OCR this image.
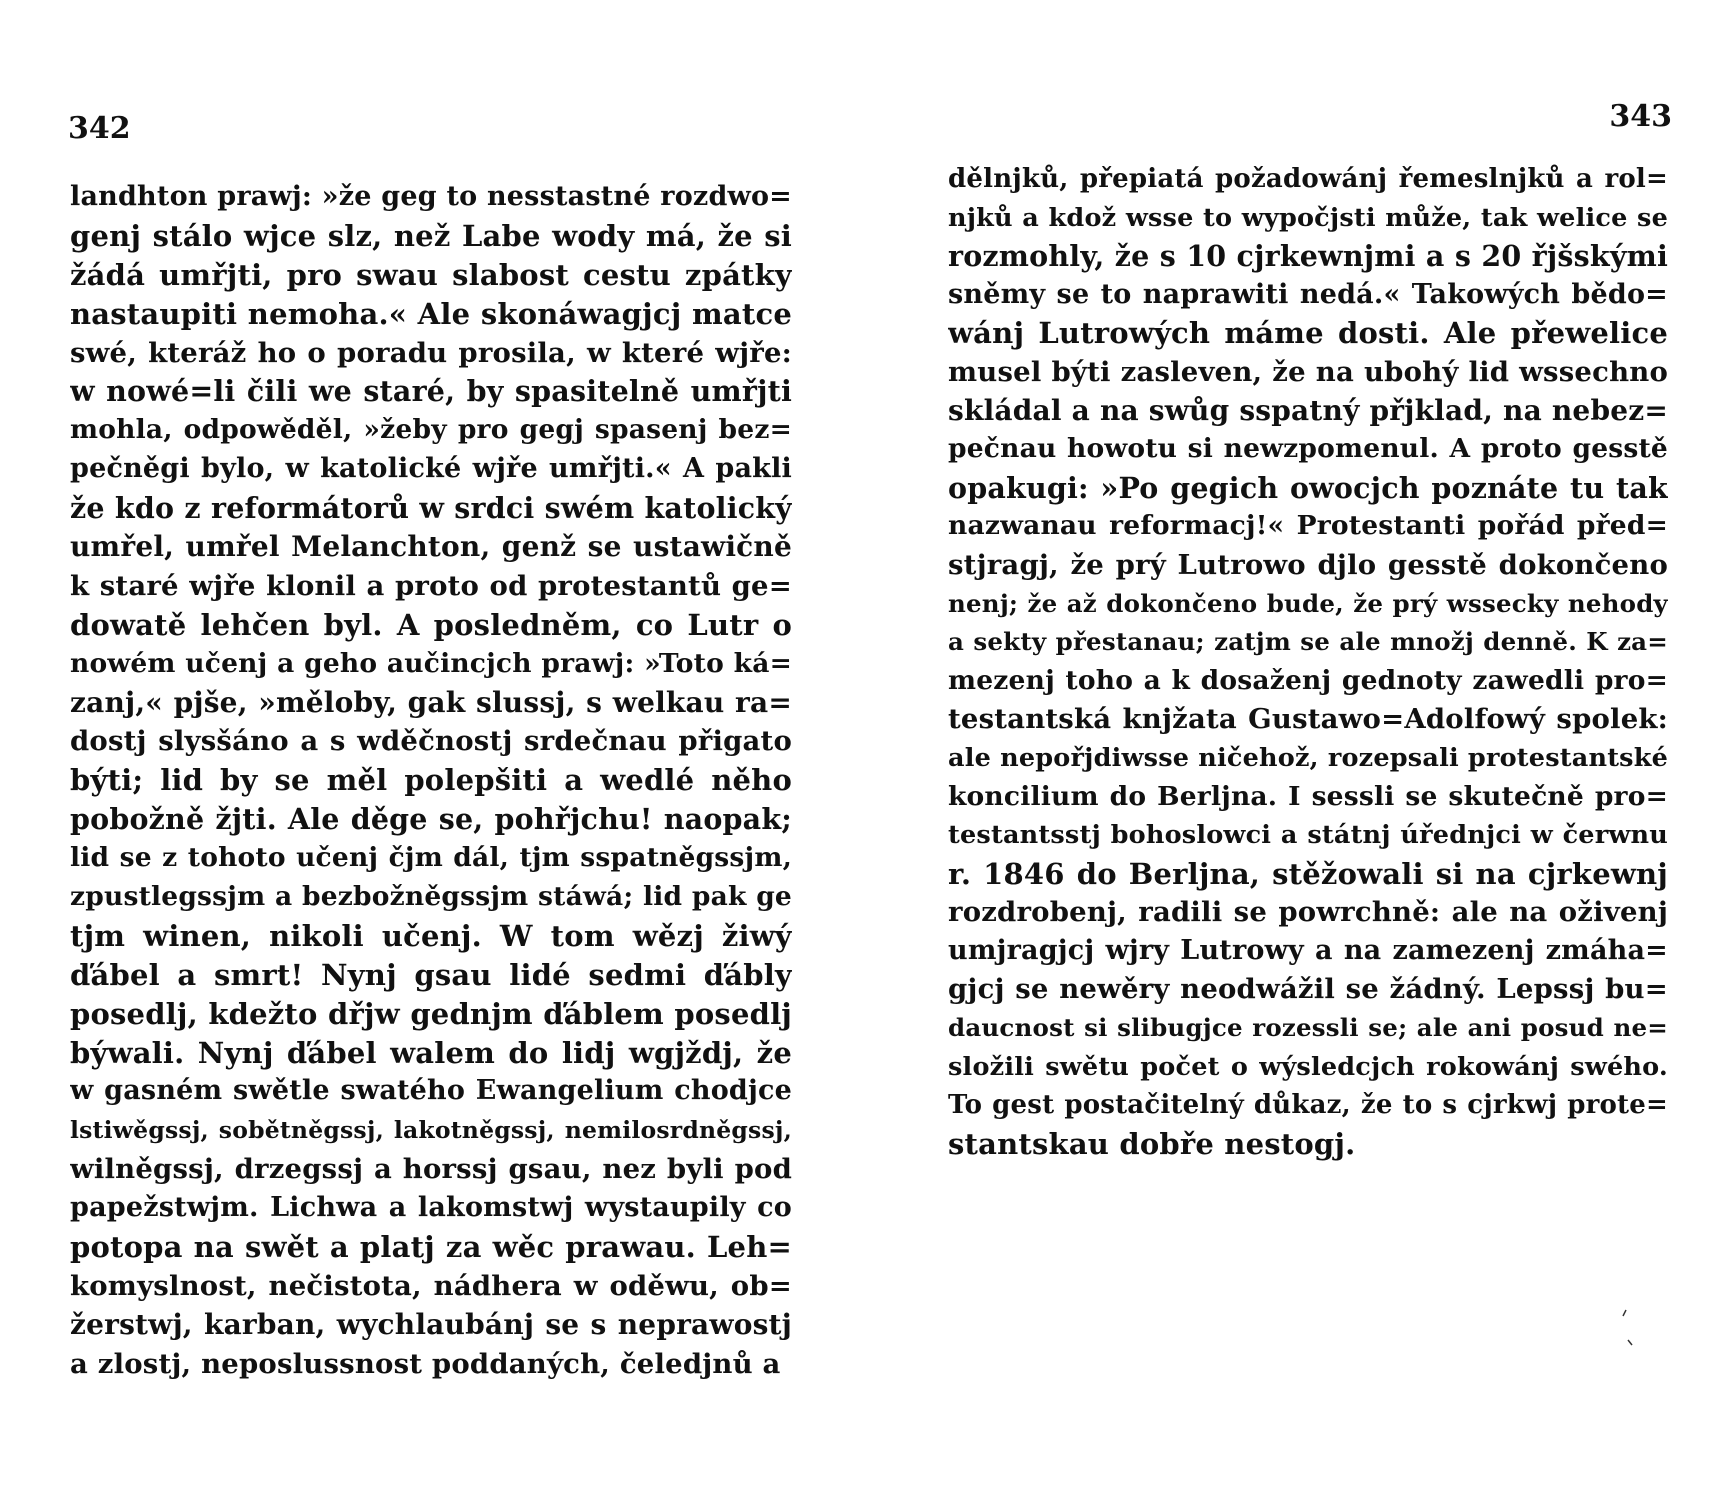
342
landhton prawj: »že geg to nesstastné rozdwo=
genj stálo wjce slz, než Labe wody má, že si
žádá umřjti, pro swau slabost cestu zpátky
nastaupiti nemoha.« Ale skonáwagjcj matce
swé, kteráž ho o poradu prosila, w které wjře:
w nowé=li čili we staré, by spasitelně umřjti
mohla, odpowěděl, »žeby pro gegj spasenj bez=
pečněgi bylo, w katolické wjře umřjti.« A pakli
že kdo z reformátorů w srdci swém katolický
umřel, umřel Melanchton, genž se ustawičně
k staré wjře klonil a proto od protestantů ge=
dowatě lehčen byl. A posledněm, co Lutr o
nowém učenj a geho aučincjch prawj: »Toto ká=
zanj,« pjše, »měloby, gak slussj, s welkau ra=
dostj slysšáno a s wděčnostj srdečnau přigato
býti; lid by se měl polepšiti a wedlé něho
pobožně žjti. Ale děge se, pohřjchu! naopak;
lid se z tohoto učenj čjm dál, tjm sspatněgssjm,
zpustlegssjm a bezbožněgssjm stáwá; lid pak ge
tjm winen, nikoli učenj. W tom wězj žiwý
ďábel a smrt! Nynj gsau lidé sedmi ďábly
posedlj, kdežto dřjw gednjm ďáblem posedlj
býwali. Nynj ďábel walem do lidj wgjždj, že
w gasném swětle swatého Ewangelium chodjce
lstiwěgssj, sobětněgssj, lakotněgssj, nemilosrdněgssj,
wilněgssj, drzegssj a horssj gsau, nez byli pod
papežstwjm. Lichwa a lakomstwj wystaupily co
potopa na swět a platj za wěc prawau. Leh=
komyslnost, nečistota, nádhera w oděwu, ob=
žerstwj, karban, wychlaubánj se s neprawostj
a zlostj, neposlussnost poddaných, čeledjnů a
343
dělnjků, přepiatá požadowánj řemeslnjků a rol=
njků a kdož wsse to wypočjsti může, tak welice se
rozmohly, že s 10 cjrkewnjmi a s 20 řjšskými
sněmy se to naprawiti nedá.« Takowých bědo=
wánj Lutrowých máme dosti. Ale přewelice
musel býti zasleven, že na ubohý lid wssechno
skládal a na swůg sspatný přjklad, na nebez=
pečnau howotu si newzpomenul. A proto gesstě
opakugi: »Po gegich owocjch poznáte tu tak
nazwanau reformacj!« Protestanti pořád před=
stjragj, že prý Lutrowo djlo gesstě dokončeno
nenj; že až dokončeno bude, že prý wssecky nehody
a sekty přestanau; zatjm se ale množj denně. K za=
mezenj toho a k dosaženj gednoty zawedli pro=
testantská knjžata Gustawo=Adolfowý spolek:
ale nepořjdiwsse ničehož, rozepsali protestantské
koncilium do Berljna. I sessli se skutečně pro=
testantsstj bohoslowci a státnj úřednjci w čerwnu
r. 1846 do Berljna, stěžowali si na cjrkewnj
rozdrobenj, radili se powrchně: ale na oživenj
umjragjcj wjry Lutrowy a na zamezenj zmáha=
gjcj se newěry neodwážil se žádný. Lepssj bu=
daucnost si slibugjce rozessli se; ale ani posud ne=
složili swětu počet o wýsledcjch rokowánj swého.
To gest postačitelný důkaz, že to s cjrkwj prote=
stantskau dobře nestogj.
